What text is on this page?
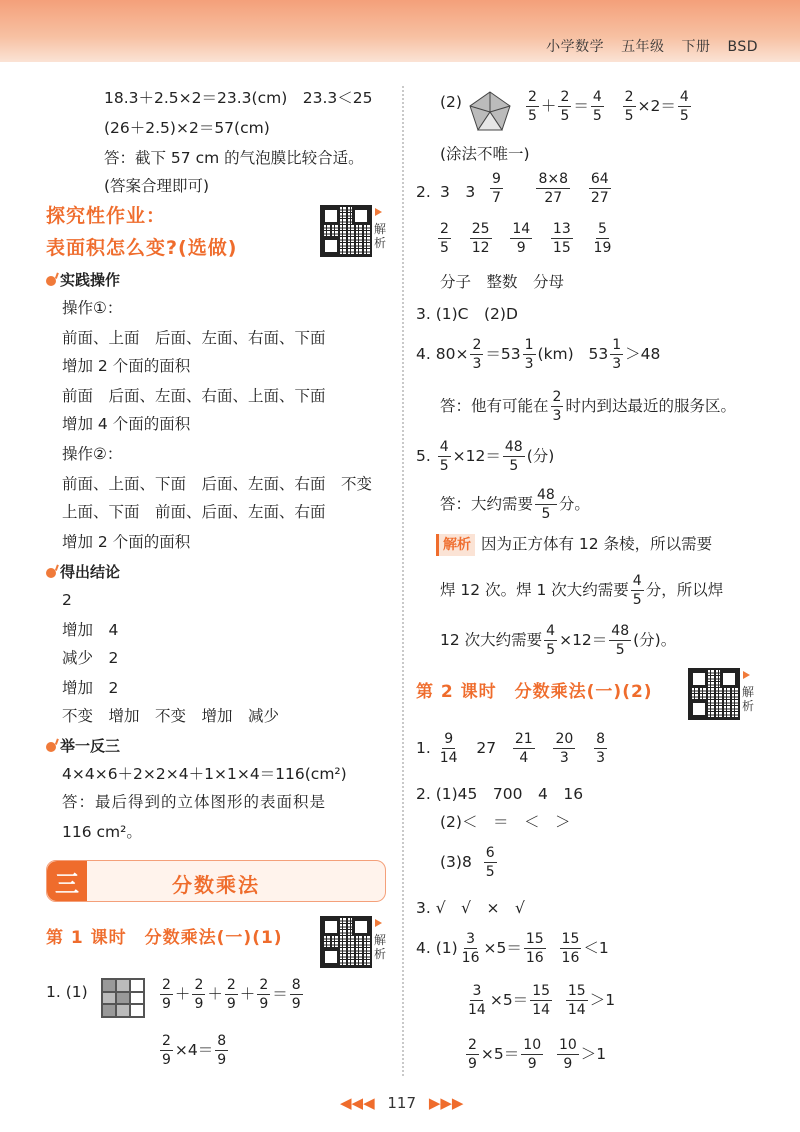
小学数学 五年级 下册 BSD
18.3＋2.5×2＝23.3(cm)　23.3＜25
(26＋2.5)×2＝57(cm)
答：截下 57 cm 的气泡膜比较合适。
(答案合理即可)
探究性作业：
表面积怎么变?(选做)
解析
实践操作
操作①：
前面、上面　后面、左面、右面、下面
增加 2 个面的面积
前面　后面、左面、右面、上面、下面
增加 4 个面的面积
操作②：
前面、上面、下面　后面、左面、右面　不变
上面、下面　前面、后面、左面、右面
增加 2 个面的面积
得出结论
2
增加　4
减少　2
增加　2
不变　增加　不变　增加　减少
举一反三
4×4×6＋2×2×4＋1×1×4＝116(cm²)
答：最后得到的立体图形的表面积是
116 cm²。
三	分数乘法
第 1 课时　分数乘法(一)(1)	解析
1. (1)	$\frac{2}{9} + \frac{2}{9} + \frac{2}{9} + \frac{2}{9} = \frac{8}{9}$
$\frac{2}{9} \times 4= \frac{8}{9}$
(2)	$\frac{2}{5} + \frac{2}{5} = \frac{4}{5}$
$\frac{2}{5} \times 2= \frac{4}{5}$
(涂法不唯一)
2. 3　$3 \frac{9}{7}$
$\frac{8\times 8}{27}$
$\frac{64}{27}$
$\frac{2}{5}$
$\frac{25}{12}$
$\frac{14}{9}$
$\frac{13}{15}$
$\frac{5}{19}$
分子　整数　分母
3. (1)C　(2)D
4. $80\times \frac{2}{3} =53 \frac{1}{3} (km)$   $53 \frac{1}{3} >48$
答：他有可能在 $\frac{2}{3}$ 时内到达最近的服务区。
5. $\frac{4}{5} \times 12= \frac{48}{5}$ (分)
答：大约需要 $\frac{48}{5}$ 分。
解析 因为正方体有 12 条棱，所以需要
焊 12 次。焊 1 次大约需要 $\frac{4}{5}$ 分，所以焊
12 次大约需要 $\frac{4}{5} \times 12= \frac{48}{5}$ (分)。
第 2 课时　分数乘法(一)(2)	解析
1. $\frac{9}{14} 27 \frac{21}{4}$
$\frac{20}{3}$
$\frac{8}{3}$
2. (1)45　700　4　16
(2)＜　＝　＜　＞
$(3)8 \frac{6}{5}$
3. √　√　×　√
4. $(1) \frac{3}{16} \times 5= \frac{15}{16}$
$\frac{15}{16} <1$
$\frac{3}{14} \times 5= \frac{15}{14}$
$\frac{15}{14} >1$
$\frac{2}{9} \times 5= \frac{10}{9}$
$\frac{10}{9} >1$
◀◀◀ 117 ▶▶▶
